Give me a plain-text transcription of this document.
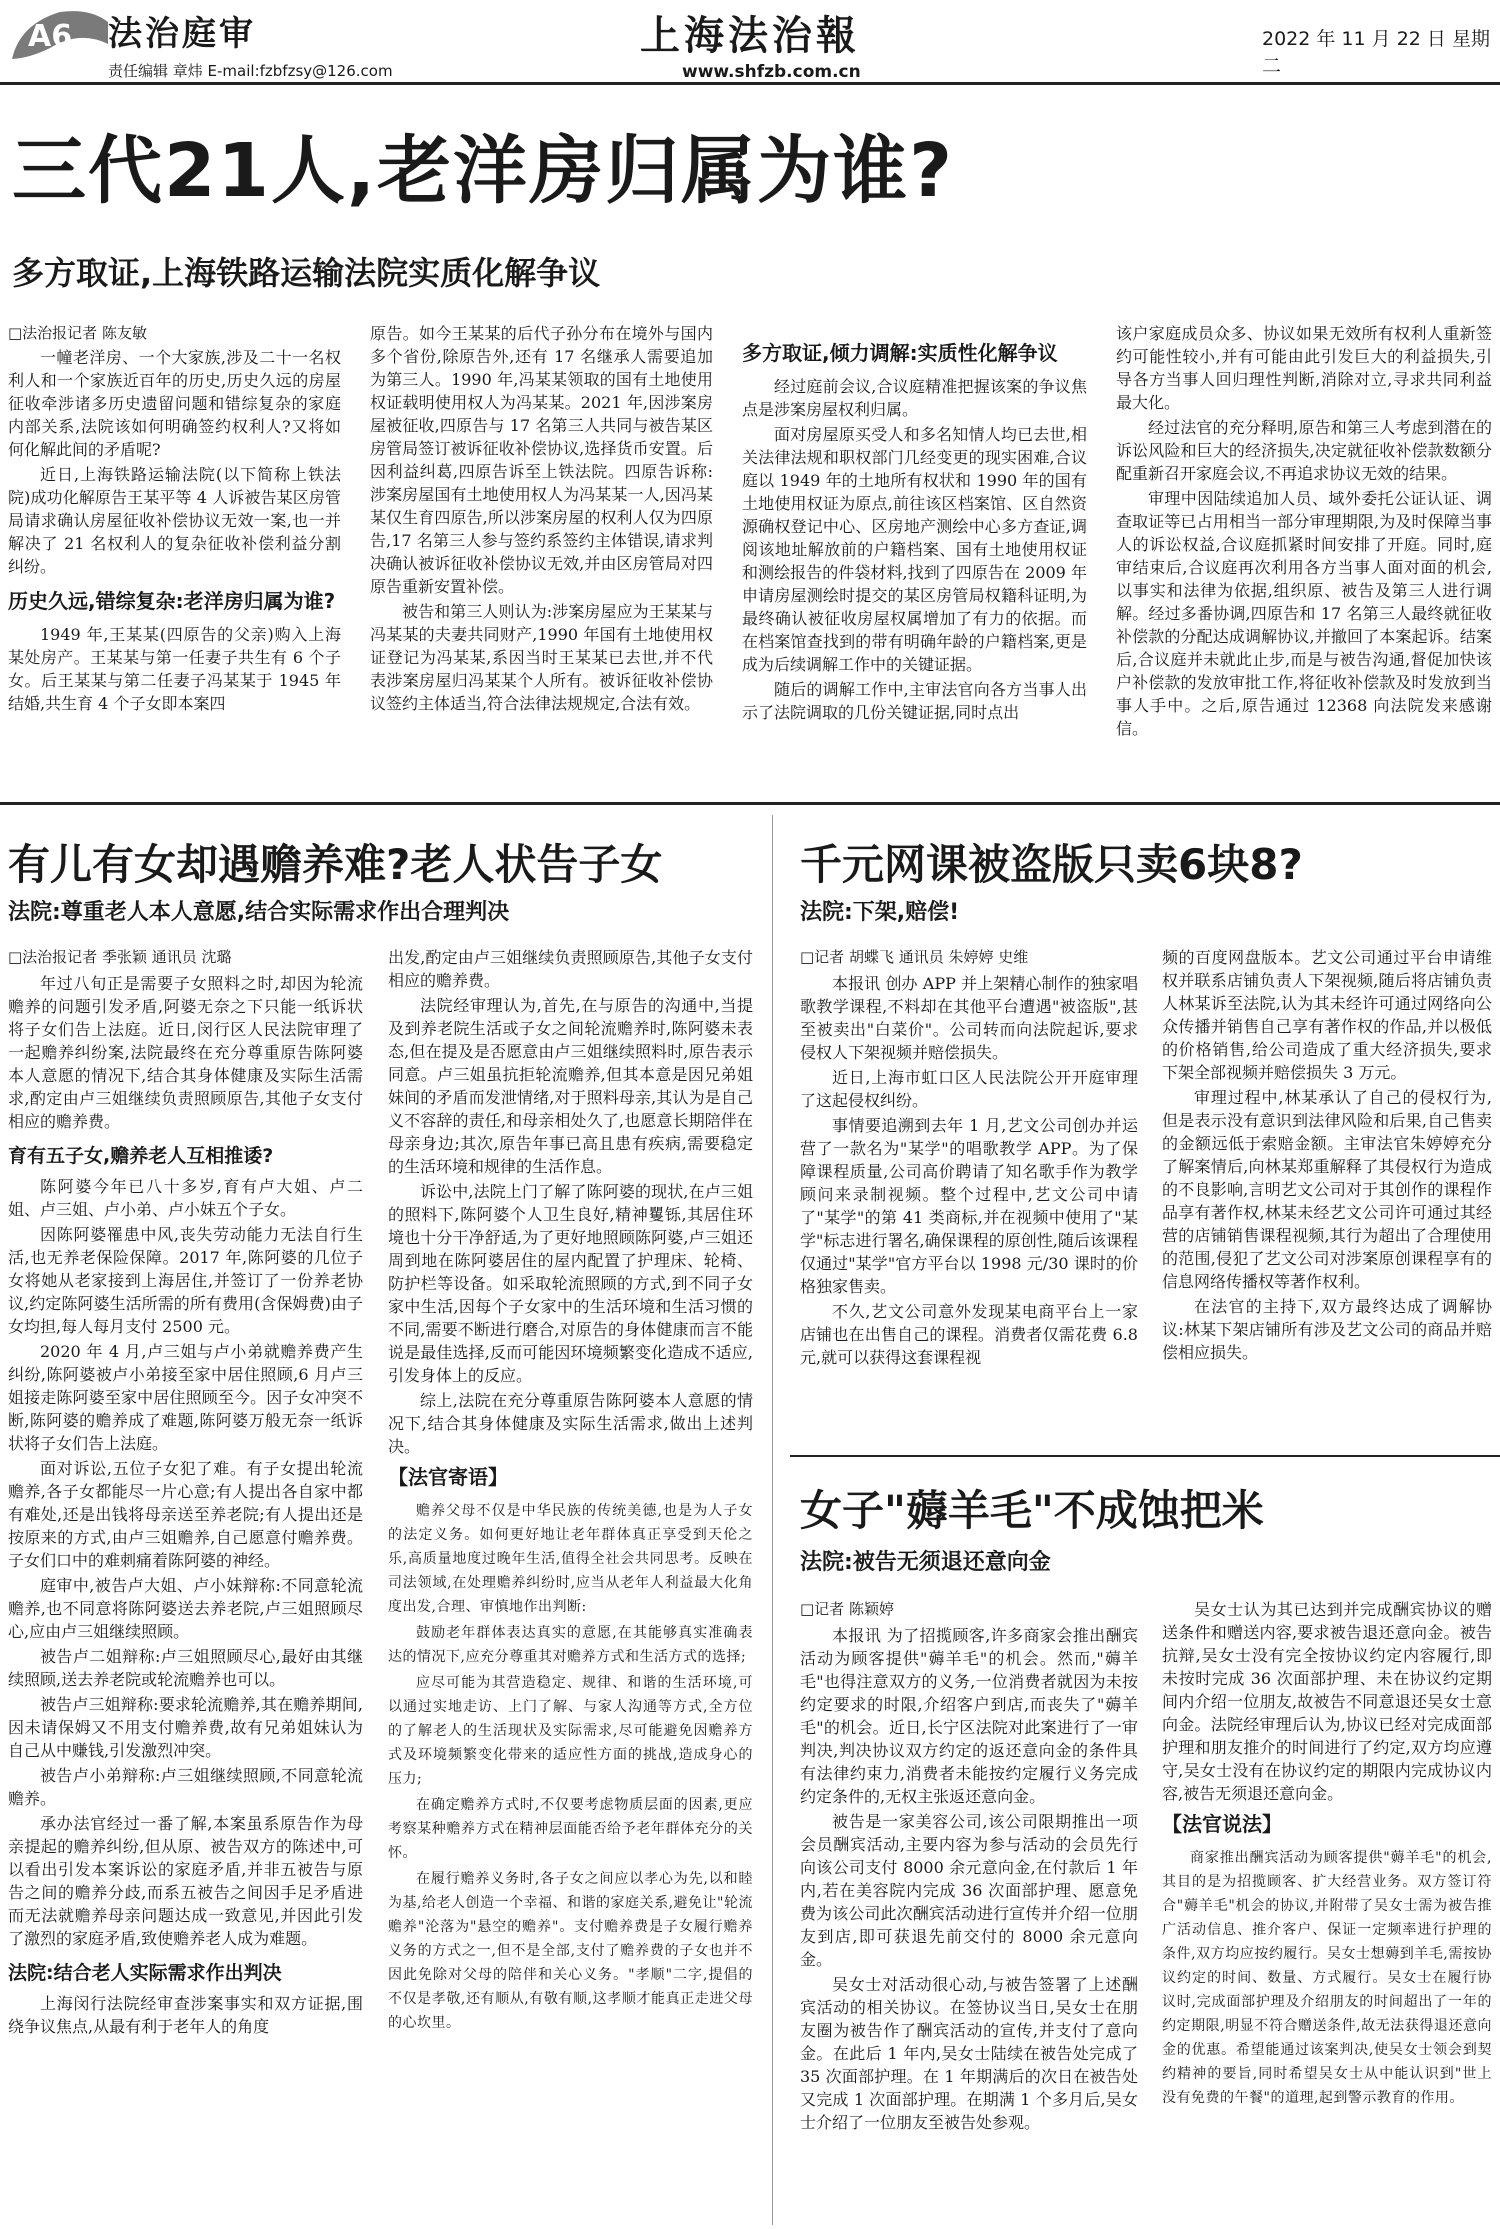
A6 法治庭审
责任编辑 章炜 E-mail:fzbfzsy@126.com
上海法治報
www.shfzb.com.cn
2022 年 11 月 22 日 星期二
三代21人,老洋房归属为谁?
多方取证,上海铁路运输法院实质化解争议
□法治报记者 陈友敏

一幢老洋房、一个大家族,涉及二十一名权利人和一个家族近百年的历史,历史久远的房屋征收牵涉诸多历史遗留问题和错综复杂的家庭内部关系,法院该如何明确签约权利人?又将如何化解此间的矛盾呢?

近日,上海铁路运输法院(以下简称上铁法院)成功化解原告王某平等 4 人诉被告某区房管局请求确认房屋征收补偿协议无效一案,也一并解决了 21 名权利人的复杂征收补偿利益分割纠纷。

历史久远,错综复杂:老洋房归属为谁?

1949 年,王某某(四原告的父亲)购入上海某处房产。王某某与第一任妻子共生有 6 个子女。后王某某与第二任妻子冯某某于 1945 年结婚,共生育 4 个子女即本案四

原告。如今王某某的后代子孙分布在境外与国内多个省份,除原告外,还有 17 名继承人需要追加为第三人。1990 年,冯某某领取的国有土地使用权证载明使用权人为冯某某。2021 年,因涉案房屋被征收,四原告与 17 名第三人共同与被告某区房管局签订被诉征收补偿协议,选择货币安置。后因利益纠葛,四原告诉至上铁法院。四原告诉称:涉案房屋国有土地使用权人为冯某某一人,因冯某某仅生育四原告,所以涉案房屋的权利人仅为四原告,17 名第三人参与签约系签约主体错误,请求判决确认被诉征收补偿协议无效,并由区房管局对四原告重新安置补偿。

被告和第三人则认为:涉案房屋应为王某某与冯某某的夫妻共同财产,1990 年国有土地使用权证登记为冯某某,系因当时王某某已去世,并不代表涉案房屋归冯某某个人所有。被诉征收补偿协议签约主体适当,符合法律法规规定,合法有效。

多方取证,倾力调解:实质性化解争议

经过庭前会议,合议庭精准把握该案的争议焦点是涉案房屋权利归属。

面对房屋原买受人和多名知情人均已去世,相关法律法规和职权部门几经变更的现实困难,合议庭以 1949 年的土地所有权状和 1990 年的国有土地使用权证为原点,前往该区档案馆、区自然资源确权登记中心、区房地产测绘中心多方查证,调阅该地址解放前的户籍档案、国有土地使用权证和测绘报告的件袋材料,找到了四原告在 2009 年申请房屋测绘时提交的某区房管局权籍科证明,为最终确认被征收房屋权属增加了有力的依据。而在档案馆查找到的带有明确年龄的户籍档案,更是成为后续调解工作中的关键证据。

随后的调解工作中,主审法官向各方当事人出示了法院调取的几份关键证据,同时点出

该户家庭成员众多、协议如果无效所有权利人重新签约可能性较小,并有可能由此引发巨大的利益损失,引导各方当事人回归理性判断,消除对立,寻求共同利益最大化。

经过法官的充分释明,原告和第三人考虑到潜在的诉讼风险和巨大的经济损失,决定就征收补偿款数额分配重新召开家庭会议,不再追求协议无效的结果。

审理中因陆续追加人员、域外委托公证认证、调查取证等已占用相当一部分审理期限,为及时保障当事人的诉讼权益,合议庭抓紧时间安排了开庭。同时,庭审结束后,合议庭再次利用各方当事人面对面的机会,以事实和法律为依据,组织原、被告及第三人进行调解。经过多番协调,四原告和 17 名第三人最终就征收补偿款的分配达成调解协议,并撤回了本案起诉。结案后,合议庭并未就此止步,而是与被告沟通,督促加快该户补偿款的发放审批工作,将征收补偿款及时发放到当事人手中。之后,原告通过 12368 向法院发来感谢信。

有儿有女却遇赡养难?老人状告子女
法院:尊重老人本人意愿,结合实际需求作出合理判决
□法治报记者 季张颖 通讯员 沈璐

年过八旬正是需要子女照料之时,却因为轮流赡养的问题引发矛盾,阿婆无奈之下只能一纸诉状将子女们告上法庭。近日,闵行区人民法院审理了一起赡养纠纷案,法院最终在充分尊重原告陈阿婆本人意愿的情况下,结合其身体健康及实际生活需求,酌定由卢三姐继续负责照顾原告,其他子女支付相应的赡养费。

育有五子女,赡养老人互相推诿?

陈阿婆今年已八十多岁,育有卢大姐、卢二姐、卢三姐、卢小弟、卢小妹五个子女。

因陈阿婆罹患中风,丧失劳动能力无法自行生活,也无养老保险保障。2017 年,陈阿婆的几位子女将她从老家接到上海居住,并签订了一份养老协议,约定陈阿婆生活所需的所有费用(含保姆费)由子女均担,每人每月支付 2500 元。

2020 年 4 月,卢三姐与卢小弟就赡养费产生纠纷,陈阿婆被卢小弟接至家中居住照顾,6 月卢三姐接走陈阿婆至家中居住照顾至今。因子女冲突不断,陈阿婆的赡养成了难题,陈阿婆万般无奈一纸诉状将子女们告上法庭。

面对诉讼,五位子女犯了难。有子女提出轮流赡养,各子女都能尽一片心意;有人提出各自家中都有难处,还是出钱将母亲送至养老院;有人提出还是按原来的方式,由卢三姐赡养,自己愿意付赡养费。子女们口中的难刺痛着陈阿婆的神经。

庭审中,被告卢大姐、卢小妹辩称:不同意轮流赡养,也不同意将陈阿婆送去养老院,卢三姐照顾尽心,应由卢三姐继续照顾。

被告卢二姐辩称:卢三姐照顾尽心,最好由其继续照顾,送去养老院或轮流赡养也可以。

被告卢三姐辩称:要求轮流赡养,其在赡养期间,因未请保姆又不用支付赡养费,故有兄弟姐妹认为自己从中赚钱,引发激烈冲突。

被告卢小弟辩称:卢三姐继续照顾,不同意轮流赡养。

承办法官经过一番了解,本案虽系原告作为母亲提起的赡养纠纷,但从原、被告双方的陈述中,可以看出引发本案诉讼的家庭矛盾,并非五被告与原告之间的赡养分歧,而系五被告之间因手足矛盾进而无法就赡养母亲问题达成一致意见,并因此引发了激烈的家庭矛盾,致使赡养老人成为难题。

法院:结合老人实际需求作出判决

上海闵行法院经审查涉案事实和双方证据,围绕争议焦点,从最有利于老年人的角度

出发,酌定由卢三姐继续负责照顾原告,其他子女支付相应的赡养费。

法院经审理认为,首先,在与原告的沟通中,当提及到养老院生活或子女之间轮流赡养时,陈阿婆未表态,但在提及是否愿意由卢三姐继续照料时,原告表示同意。卢三姐虽抗拒轮流赡养,但其本意是因兄弟姐妹间的矛盾而发泄情绪,对于照料母亲,其认为是自己义不容辞的责任,和母亲相处久了,也愿意长期陪伴在母亲身边;其次,原告年事已高且患有疾病,需要稳定的生活环境和规律的生活作息。

诉讼中,法院上门了解了陈阿婆的现状,在卢三姐的照料下,陈阿婆个人卫生良好,精神矍铄,其居住环境也十分干净舒适,为了更好地照顾陈阿婆,卢三姐还周到地在陈阿婆居住的屋内配置了护理床、轮椅、防护栏等设备。如采取轮流照顾的方式,到不同子女家中生活,因每个子女家中的生活环境和生活习惯的不同,需要不断进行磨合,对原告的身体健康而言不能说是最佳选择,反而可能因环境频繁变化造成不适应,引发身体上的反应。

综上,法院在充分尊重原告陈阿婆本人意愿的情况下,结合其身体健康及实际生活需求,做出上述判决。

【法官寄语】

赡养父母不仅是中华民族的传统美德,也是为人子女的法定义务。如何更好地让老年群体真正享受到天伦之乐,高质量地度过晚年生活,值得全社会共同思考。反映在司法领域,在处理赡养纠纷时,应当从老年人利益最大化角度出发,合理、审慎地作出判断:

鼓励老年群体表达真实的意愿,在其能够真实准确表达的情况下,应充分尊重其对赡养方式和生活方式的选择;

应尽可能为其营造稳定、规律、和谐的生活环境,可以通过实地走访、上门了解、与家人沟通等方式,全方位的了解老人的生活现状及实际需求,尽可能避免因赡养方式及环境频繁变化带来的适应性方面的挑战,造成身心的压力;

在确定赡养方式时,不仅要考虑物质层面的因素,更应考察某种赡养方式在精神层面能否给予老年群体充分的关怀。

在履行赡养义务时,各子女之间应以孝心为先,以和睦为基,给老人创造一个幸福、和谐的家庭关系,避免让"轮流赡养"沦落为"悬空的赡养"。支付赡养费是子女履行赡养义务的方式之一,但不是全部,支付了赡养费的子女也并不因此免除对父母的陪伴和关心义务。"孝顺"二字,提倡的不仅是孝敬,还有顺从,有敬有顺,这孝顺才能真正走进父母的心坎里。

千元网课被盗版只卖6块8?
法院:下架,赔偿!
□记者 胡蝶飞 通讯员 朱婷婷 史维

本报讯 创办 APP 并上架精心制作的独家唱歌教学课程,不料却在其他平台遭遇"被盗版",甚至被卖出"白菜价"。公司转而向法院起诉,要求侵权人下架视频并赔偿损失。

近日,上海市虹口区人民法院公开开庭审理了这起侵权纠纷。

事情要追溯到去年 1 月,艺文公司创办并运营了一款名为"某学"的唱歌教学 APP。为了保障课程质量,公司高价聘请了知名歌手作为教学顾问来录制视频。整个过程中,艺文公司中请了"某学"的第 41 类商标,并在视频中使用了"某学"标志进行署名,确保课程的原创性,随后该课程仅通过"某学"官方平台以 1998 元/30 课时的价格独家售卖。

不久,艺文公司意外发现某电商平台上一家店铺也在出售自己的课程。消费者仅需花费 6.8 元,就可以获得这套课程视

频的百度网盘版本。艺文公司通过平台申请维权并联系店铺负责人下架视频,随后将店铺负责人林某诉至法院,认为其未经许可通过网络向公众传播并销售自己享有著作权的作品,并以极低的价格销售,给公司造成了重大经济损失,要求下架全部视频并赔偿损失 3 万元。

审理过程中,林某承认了自己的侵权行为,但是表示没有意识到法律风险和后果,自己售卖的金额远低于索赔金额。主审法官朱婷婷充分了解案情后,向林某郑重解释了其侵权行为造成的不良影响,言明艺文公司对于其创作的课程作品享有著作权,林某未经艺文公司许可通过其经营的店铺销售课程视频,其行为超出了合理使用的范围,侵犯了艺文公司对涉案原创课程享有的信息网络传播权等著作权利。

在法官的主持下,双方最终达成了调解协议:林某下架店铺所有涉及艺文公司的商品并赔偿相应损失。

女子"薅羊毛"不成蚀把米
法院:被告无须退还意向金
□记者 陈颖婷

本报讯 为了招揽顾客,许多商家会推出酬宾活动为顾客提供"薅羊毛"的机会。然而,"薅羊毛"也得注意双方的义务,一位消费者就因为未按约定要求的时限,介绍客户到店,而丧失了"薅羊毛"的机会。近日,长宁区法院对此案进行了一审判决,判决协议双方约定的返还意向金的条件具有法律约束力,消费者未能按约定履行义务完成约定条件的,无权主张返还意向金。

被告是一家美容公司,该公司限期推出一项会员酬宾活动,主要内容为参与活动的会员先行向该公司支付 8000 余元意向金,在付款后 1 年内,若在美容院内完成 36 次面部护理、愿意免费为该公司此次酬宾活动进行宣传并介绍一位朋友到店,即可获退先前交付的 8000 余元意向金。

吴女士对活动很心动,与被告签署了上述酬宾活动的相关协议。在签协议当日,吴女士在朋友圈为被告作了酬宾活动的宣传,并支付了意向金。在此后 1 年内,吴女士陆续在被告处完成了 35 次面部护理。在 1 年期满后的次日在被告处又完成 1 次面部护理。在期满 1 个多月后,吴女士介绍了一位朋友至被告处参观。

吴女士认为其已达到并完成酬宾协议的赠送条件和赠送内容,要求被告退还意向金。被告抗辩,吴女士没有完全按协议约定内容履行,即未按时完成 36 次面部护理、未在协议约定期间内介绍一位朋友,故被告不同意退还吴女士意向金。法院经审理后认为,协议已经对完成面部护理和朋友推介的时间进行了约定,双方均应遵守,吴女士没有在协议约定的期限内完成协议内容,被告无须退还意向金。

【法官说法】

商家推出酬宾活动为顾客提供"薅羊毛"的机会,其目的是为招揽顾客、扩大经营业务。双方签订符合"薅羊毛"机会的协议,并附带了吴女士需为被告推广活动信息、推介客户、保证一定频率进行护理的条件,双方均应按约履行。吴女士想薅到羊毛,需按协议约定的时间、数量、方式履行。吴女士在履行协议时,完成面部护理及介绍朋友的时间超出了一年的约定期限,明显不符合赠送条件,故无法获得退还意向金的优惠。希望能通过该案判决,使吴女士领会到契约精神的要旨,同时希望吴女士从中能认识到"世上没有免费的午餐"的道理,起到警示教育的作用。
